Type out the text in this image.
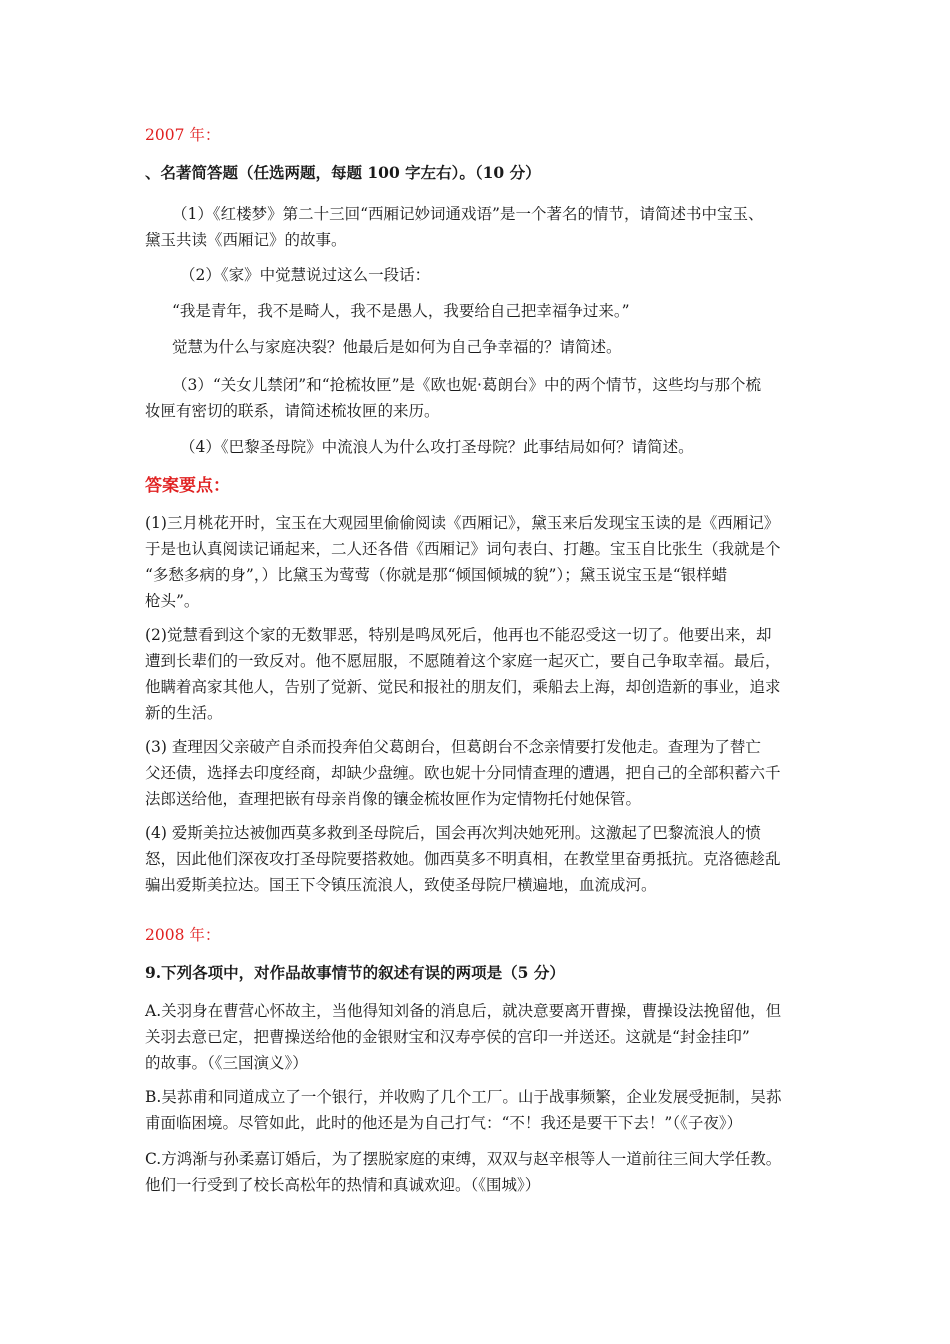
2007 年：
、名著简答题（任选两题，每题 100 字左右）。（10 分）
（1）《红楼梦》第二十三回“西厢记妙词通戏语”是一个著名的情节，请简述书中宝玉、
黛玉共读《西厢记》的故事。
（2）《家》中觉慧说过这么一段话：
“我是青年，我不是畸人，我不是愚人，我要给自己把幸福争过来。”
觉慧为什么与家庭决裂？他最后是如何为自己争幸福的？请简述。
（3）“关女儿禁闭”和“抢梳妆匣”是《欧也妮·葛朗台》中的两个情节，这些均与那个梳
妆匣有密切的联系，请简述梳妆匣的来历。
（4）《巴黎圣母院》中流浪人为什么攻打圣母院？此事结局如何？请简述。
答案要点：
(1)三月桃花开时，宝玉在大观园里偷偷阅读《西厢记》，黛玉来后发现宝玉读的是《西厢记》
于是也认真阅读记诵起来，二人还各借《西厢记》词句表白、打趣。宝玉自比张生（我就是个
“多愁多病的身”，）比黛玉为莺莺（你就是那“倾国倾城的貌”）；黛玉说宝玉是“银样蜡
枪头”。
(2)觉慧看到这个家的无数罪恶，特别是鸣凤死后，他再也不能忍受这一切了。他要出来，却
遭到长辈们的一致反对。他不愿屈服，不愿随着这个家庭一起灭亡，要自己争取幸福。最后，
他瞒着高家其他人，告别了觉新、觉民和报社的朋友们，乘船去上海，却创造新的事业，追求
新的生活。
(3) 查理因父亲破产自杀而投奔伯父葛朗台，但葛朗台不念亲情要打发他走。查理为了替亡
父还债，选择去印度经商，却缺少盘缠。欧也妮十分同情查理的遭遇，把自己的全部积蓄六千
法郎送给他，查理把嵌有母亲肖像的镶金梳妆匣作为定情物托付她保管。
(4) 爱斯美拉达被伽西莫多救到圣母院后，国会再次判决她死刑。这激起了巴黎流浪人的愤
怒，因此他们深夜攻打圣母院要搭救她。伽西莫多不明真相，在教堂里奋勇抵抗。克洛德趁乱
骗出爱斯美拉达。国王下令镇压流浪人，致使圣母院尸横遍地，血流成河。
2008 年：
9.下列各项中，对作品故事情节的叙述有误的两项是（5 分）
A.关羽身在曹营心怀故主，当他得知刘备的消息后，就决意要离开曹操，曹操设法挽留他，但
关羽去意已定，把曹操送给他的金银财宝和汉寿亭侯的宫印一并送还。这就是“封金挂印”
的故事。（《三国演义》）
B.吴荪甫和同道成立了一个银行，并收购了几个工厂。山于战事频繁，企业发展受扼制，吴荪
甫面临困境。尽管如此，此时的他还是为自己打气：“不！我还是要干下去！”（《子夜》）
C.方鸿渐与孙柔嘉订婚后，为了摆脱家庭的束缚，双双与赵辛根等人一道前往三间大学任教。
他们一行受到了校长高松年的热情和真诚欢迎。（《围城》）
